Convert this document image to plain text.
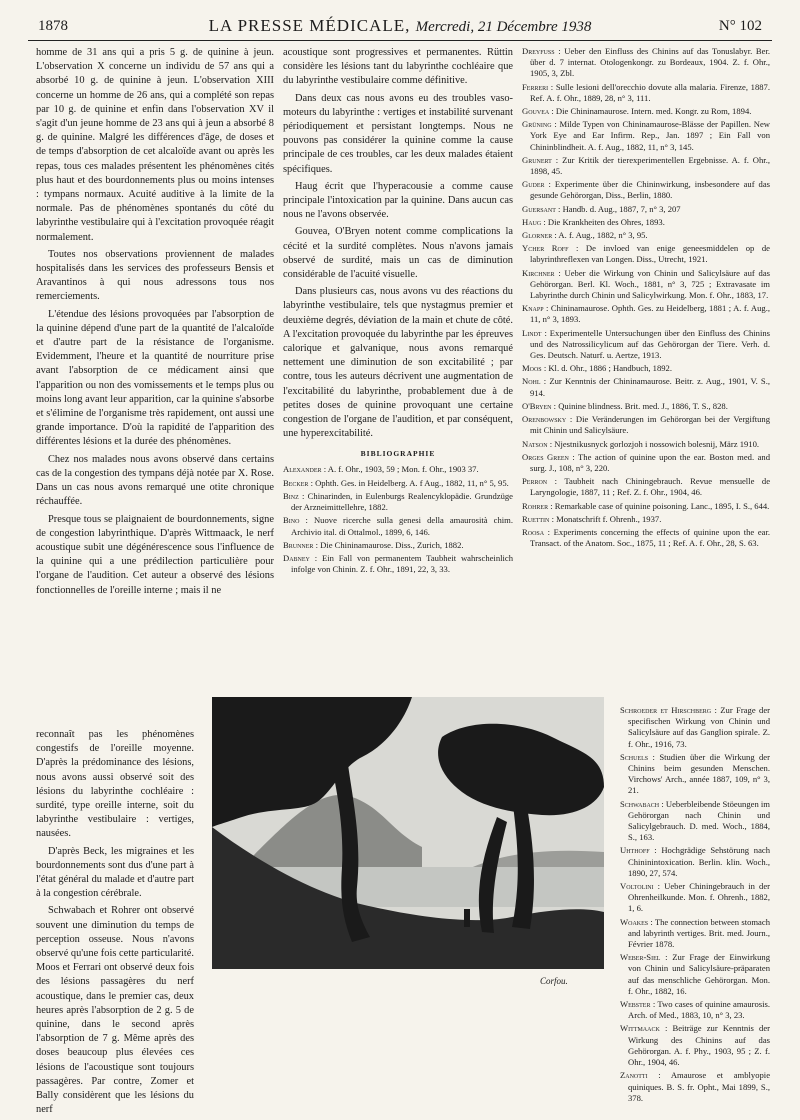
1878	LA PRESSE MÉDICALE, Mercredi, 21 Décembre 1938	N° 102

homme de 31 ans qui a pris 5 g. de quinine à jeun. L'observation X concerne un individu de 57 ans qui a absorbé 10 g. de quinine à jeun. L'observation XIII concerne un homme de 26 ans, qui a complété son repas par 10 g. de quinine et enfin dans l'observation XV il s'agit d'un jeune homme de 23 ans qui à jeun a absorbé 8 g. de quinine. Malgré les différences d'âge, de doses et de temps d'absorption de cet alcaloïde avant ou après les repas, tous ces malades présentent les phénomènes cités plus haut et des bourdonnements plus ou moins intenses : tympans normaux. Acuité auditive à la limite de la normale. Pas de phénomènes spontanés du côté du labyrinthe vestibulaire qui à l'excitation provoquée réagit normalement.

Toutes nos observations proviennent de malades hospitalisés dans les services des professeurs Bensis et Aravantinos à qui nous adressons tous nos remerciements.

L'étendue des lésions provoquées par l'absorption de la quinine dépend d'une part de la quantité de l'alcaloïde et d'autre part de la résistance de l'organisme. Evidemment, l'heure et la quantité de nourriture prise avant l'absorption de ce médicament ainsi que l'apparition ou non des vomissements et le temps plus ou moins long avant leur apparition, car la quinine s'absorbe et s'élimine de l'organisme très rapidement, ont aussi une grande importance. D'où la rapidité de l'apparition des différentes lésions et la durée des phénomènes.

Chez nos malades nous avons observé dans certains cas de la congestion des tympans déjà notée par X. Rose. Dans un cas nous avons remarqué une otite chronique réchauffée.

Presque tous se plaignaient de bourdonnements, signe de congestion labyrinthique. D'après Wittmaack, le nerf acoustique subit une dégénérescence sous l'influence de la quinine qui a une prédilection particulière pour l'organe de l'audition. Cet auteur a observé des lésions fonctionnelles de l'oreille interne ; mais il ne

reconnaît pas les phénomènes congestifs de l'oreille moyenne. D'après la prédominance des lésions, nous avons aussi observé soit des lésions du labyrinthe cochléaire : surdité, type oreille interne, soit du labyrinthe vestibulaire : vertiges, nausées.

D'après Beck, les migraines et les bourdonnements sont dus d'une part à l'état général du malade et d'autre part à la congestion cérébrale.

Schwabach et Rohrer ont observé souvent une diminution du temps de perception osseuse. Nous n'avons observé qu'une fois cette particularité. Moos et Ferrari ont observé deux fois des lésions passagères du nerf acoustique, dans le premier cas, deux heures après l'absorption de 2 g. 5 de quinine, dans le second après l'absorption de 7 g. Même après des doses beaucoup plus élevées ces lésions de l'acoustique sont toujours passagères. Par contre, Zomer et Bally considèrent que les lésions du nerf

acoustique sont progressives et permanentes. Rüttin considère les lésions tant du labyrinthe cochléaire que du labyrinthe vestibulaire comme définitive.

Dans deux cas nous avons eu des troubles vaso-moteurs du labyrinthe : vertiges et instabilité survenant périodiquement et persistant longtemps. Nous ne pouvons pas considérer la quinine comme la cause principale de ces troubles, car les deux malades étaient spécifiques.

Haug écrit que l'hyperacousie a comme cause principale l'intoxication par la quinine. Dans aucun cas nous ne l'avons observée.

Gouvea, O'Bryen notent comme complications la cécité et la surdité complètes. Nous n'avons jamais observé de surdité, mais un cas de diminution considérable de l'acuité visuelle.

Dans plusieurs cas, nous avons vu des réactions du labyrinthe vestibulaire, tels que nystagmus premier et deuxième degrés, déviation de la main et chute de côté. A l'excitation provoquée du labyrinthe par les épreuves calorique et galvanique, nous avons remarqué nettement une diminution de son excitabilité ; par contre, tous les auteurs décrivent une augmentation de l'excitabilité du labyrinthe, probablement due à de petites doses de quinine provoquant une certaine congestion de l'organe de l'audition, et par conséquent, une hyperexcitabilité.

BIBLIOGRAPHIE
Alexander : A. f. Ohr., 1903, 59 ; Mon. f. Ohr., 1903 37.
Becker : Ophth. Ges. in Heidelberg. A. f Aug., 1882, 11, n° 5, 95.
Binz : Chinarinden, in Eulenburgs Realencyklopädie. Grundzüge der Arzneimittellehre, 1882.
Bino : Nuove ricerche sulla genesi della amaurosità chim. Archivio ital. di Ottalmol., 1899, 6, 146.
Brunner : Die Chininamaurose. Diss., Zurich, 1882.
Dabney : Ein Fall von permanentem Taubheit wahrscheinlich infolge von Chinin. Z. f. Ohr., 1891, 22, 3, 33.
Dreyfuss : Ueber den Einfluss des Chinins auf das Tonuslabyr. Ber. über d. 7 internat. Otologenkongr. zu Bordeaux, 1904. Z. f. Ohr., 1905, 3, Zbl.
Ferreri : Sulle lesioni dell'orecchio dovute alla malaria. Firenze, 1887. Ref. A. f. Ohr., 1889, 28, n° 3, 111.
Gouvea : Die Chininamaurose. Intern. med. Kongr. zu Rom, 1894.
Grüning : Milde Typen von Chininamaurose-Blässe der Papillen. New York Eye and Ear Infirm. Rep., Jan. 1897 ; Ein Fall von Chininblindheit. A. f. Aug., 1882, 11, n° 3, 145.
Grunert : Zur Kritik der tierexperimentellen Ergebnisse. A. f. Ohr., 1898, 45.
Guder : Experimente über die Chininwirkung, insbesondere auf das gesunde Gehörorgan, Diss., Berlin, 1880.
Guersant : Handb. d. Aug., 1887, 7, n° 3, 207
Haug : Die Krankheiten des Ohres, 1893.
Glorner : A. f. Aug., 1882, n° 3, 95.
Ycher Roff : De invloed van enige geneesmiddelen op de labyrinthreflexen van Longen. Diss., Utrecht, 1921.
Kirchner : Ueber die Wirkung von Chinin und Salicylsäure auf das Gehörorgan. Berl. Kl. Woch., 1881, n° 3, 725 ; Extravasate im Labyrinthe durch Chinin und Salicylwirkung. Mon. f. Ohr., 1883, 17.
Knapp : Chininamaurose. Ophth. Ges. zu Heidelberg, 1881 ; A. f. Aug., 11, n° 3, 1893.
Lindt : Experimentelle Untersuchungen über den Einfluss des Chinins und des Natrossilicylicum auf das Gehörorgan der Tiere. Verh. d. Ges. Deutsch. Naturf. u. Aertze, 1913.
Moos : Kl. d. Ohr., 1886 ; Handbuch, 1892.
Nohl : Zur Kenntnis der Chininamaurose. Beitr. z. Aug., 1901, V. S., 914.
O'Bryen : Quinine blindness. Brit. med. J., 1886, T. S., 828.
Orenbowsky : Die Veränderungen im Gehörorgan bei der Vergiftung mit Chinin und Salicylsäure.
Natson : Njestnikusnyck gorlozjoh i nossowich bolesnij, März 1910.
Orges Green : The action of quinine upon the ear. Boston med. and surg. J., 108, n° 3, 220.
Perron : Taubheit nach Chiningebrauch. Revue mensuelle de Laryngologie, 1887, 11 ; Ref. Z. f. Ohr., 1904, 46.
Rohrer : Remarkable case of quinine poisoning. Lanc., 1895, I. S., 644.
Ruettin : Monatschrift f. Ohrenh., 1937.
Roosa : Experiments concerning the effects of quinine upon the ear. Transact. of the Anatom. Soc., 1875, 11 ; Ref. A. f. Ohr., 28, S. 63.
Schroeder et Hirschberg : Zur Frage der specifischen Wirkung von Chinin und Salicylsäure auf das Ganglion spirale. Z. f. Ohr., 1916, 73.
Schuels : Studien über die Wirkung der Chinins beim gesunden Menschen. Virchows' Arch., année 1887, 109, n° 3, 21.
Schwabach : Ueberbleibende Stöeungen im Gehörorgan nach Chinin und Salicylgebrauch. D. med. Woch., 1884, S., 163.
Uhthoff : Hochgrädige Sehstörung nach Chininintoxication. Berlin. klin. Woch., 1890, 27, 574.
Voltolini : Ueber Chiningebrauch in der Ohrenheilkunde. Mon. f. Ohrenh., 1882, 1, 6.
Woakes : The connection between stomach and labyrinth vertiges. Brit. med. Journ., Février 1878.
Weber-Siel : Zur Frage der Einwirkung von Chinin und Salicylsäure-präparaten auf das menschliche Gehörorgan. Mon. f. Ohr., 1882, 16.
Webster : Two cases of quinine amaurosis. Arch. of Med., 1883, 10, n° 3, 23.
Wittmaack : Beiträge zur Kenntnis der Wirkung des Chinins auf das Gehörorgan. A. f. Phy., 1903, 95 ; Z. f. Ohr., 1904, 46.
Zanotti : Amaurose et amblyopie quiniques. B. S. fr. Opht., Mai 1899, S., 378.
Corfou.
